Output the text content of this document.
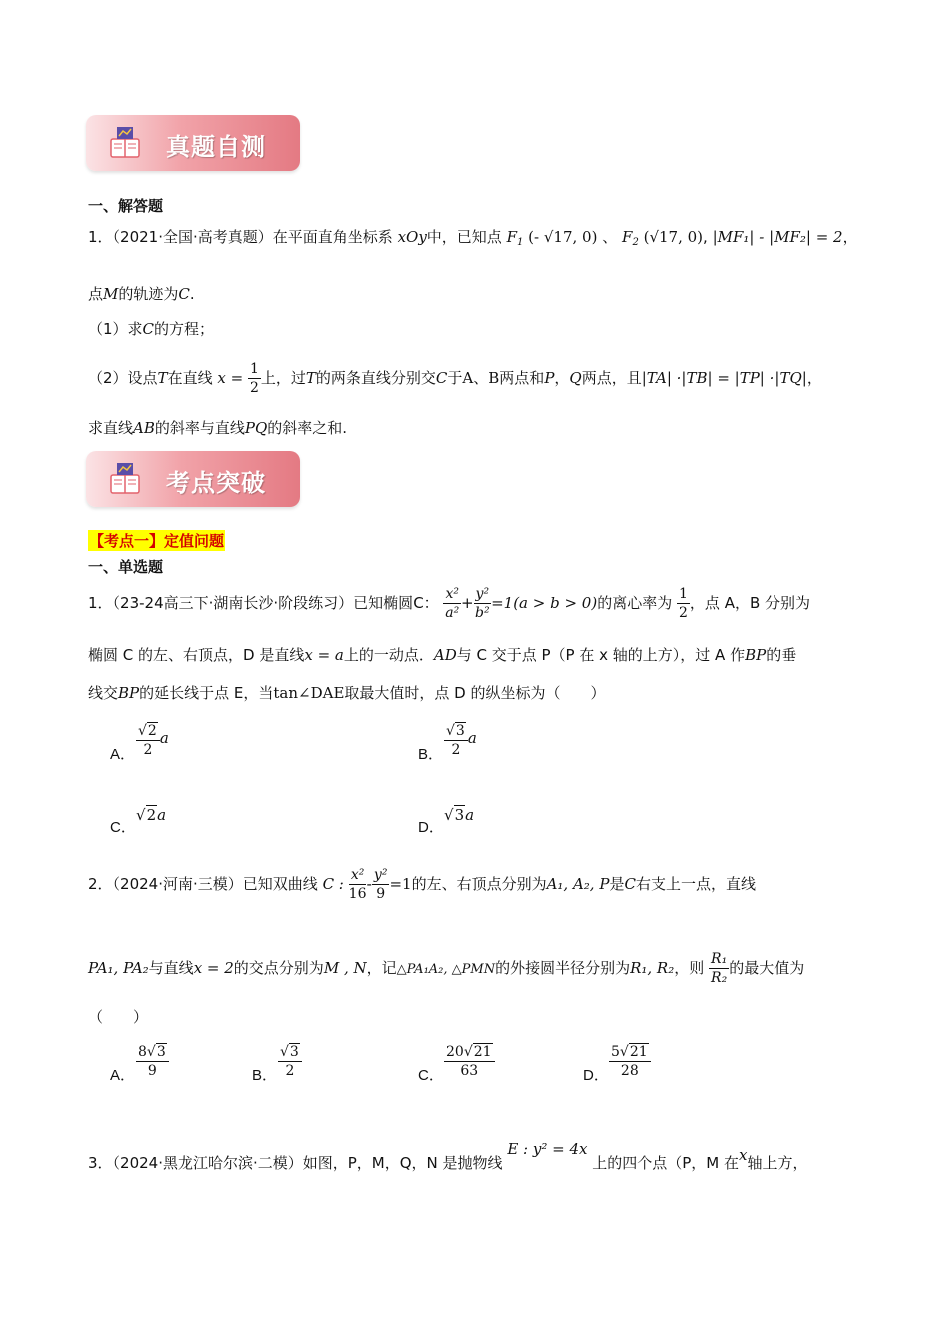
真题自测
一、解答题
1．（2021·全国·高考真题）在平面直角坐标系 xOy中，已知点 $F_1$ (- √17, 0) 、 $F_2$ (√17, 0), |MF₁| - |MF₂| = 2，
点M的轨迹为C.
（1）求C的方程；
（2）设点T在直线 $x = \frac{1}{2}$ 上，过T的两条直线分别交C于A、B两点和P，Q两点，且|TA| ·|TB| = |TP| ·|TQ|，
求直线AB的斜率与直线PQ的斜率之和.
考点突破
【考点一】定值问题
一、单选题
1．（23-24高三下·湖南长沙·阶段练习）已知椭圆C： $\frac{\text{x²}}{\text{a²}} + \frac{\text{y²}}{\text{b²}} =1(a > b > 0)$的离心率为 $\frac{1}{2}$ ，点 A，B 分别为
椭圆 C 的左、右顶点，D 是直线x = a上的一动点．AD与 C 交于点 P（P 在 x 轴的上方），过 A 作BP的垂
线交BP的延长线于点 E，当tan∠DAE取最大值时，点 D 的纵坐标为（　　）
A． $\frac{√2}{2}$ a
B． $\frac{√3}{2}$ a
C．√2a
D．√3a
2．（2024·河南·三模）已知双曲线 C : $\frac{\text{x²}}{16} - \frac{\text{y²}}{9} =1$的左、右顶点分别为A₁, A₂, P是C右支上一点，直线
PA₁, PA₂与直线x = 2的交点分别为M , N，记△PA₁A₂, △PMN的外接圆半径分别为R₁, R₂，则 $\frac{\text{R₁}}{\text{R₂}}$ 的最大值为
（　　）
A． $\frac{8√3}{9}$	B． $\frac{√3}{2}$	C． $\frac{20√21}{63}$	D． $\frac{5√21}{28}$
3．（2024·黑龙江哈尔滨·二模）如图，P，M，Q，N 是抛物线 E : y² = 4x 上的四个点（P，M 在x轴上方，
